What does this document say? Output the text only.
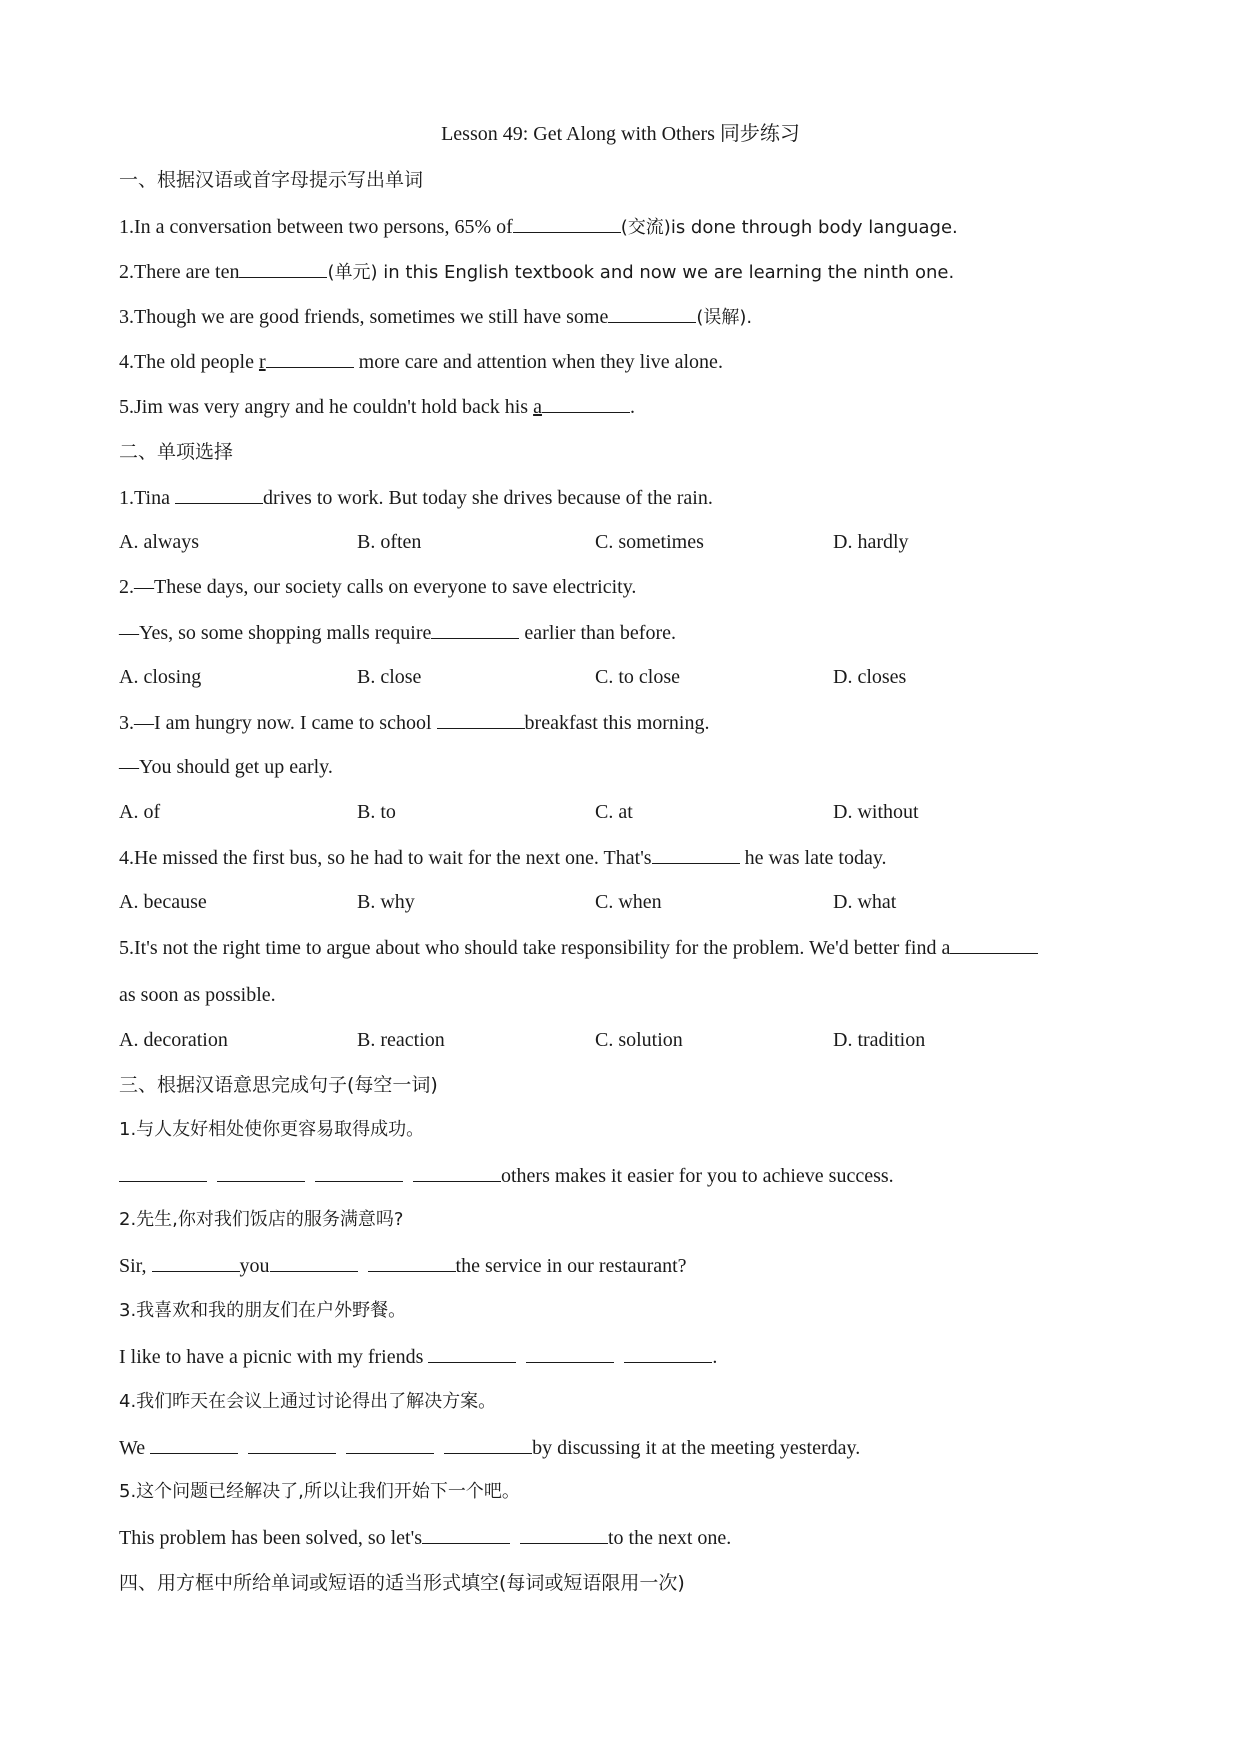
Lesson 49: Get Along with Others 同步练习
一、根据汉语或首字母提示写出单词
1.In a conversation between two persons, 65% of	(交流)is done through body language.
2.There are ten	(单元) in this English textbook and now we are learning the ninth one.
3.Though we are good friends, sometimes we still have some	(误解).
4.The old people r	more care and attention when they live alone.
5.Jim was very angry and he couldn't hold back his a	.
二、单项选择
1.Tina	drives to work. But today she drives because of the rain.
A. always	B. often	C. sometimes	D. hardly
2.—These days, our society calls on everyone to save electricity.
—Yes, so some shopping malls require	earlier than before.
A. closing	B. close	C. to close	D. closes
3.—I am hungry now. I came to school	breakfast this morning.
—You should get up early.
A. of	B. to	C. at	D. without
4.He missed the first bus, so he had to wait for the next one. That's	he was late today.
A. because	B. why	C. when	D. what
5.It's not the right time to argue about who should take responsibility for the problem. We'd better find a
as soon as possible.
A. decoration	B. reaction	C. solution	D. tradition
三、根据汉语意思完成句子(每空一词)
1.与人友好相处使你更容易取得成功。
others makes it easier for you to achieve success.
2.先生,你对我们饭店的服务满意吗?
Sir,	you	the service in our restaurant?
3.我喜欢和我的朋友们在户外野餐。
I like to have a picnic with my friends	.
4.我们昨天在会议上通过讨论得出了解决方案。
We	by discussing it at the meeting yesterday.
5.这个问题已经解决了,所以让我们开始下一个吧。
This problem has been solved, so let's	to the next one.
四、用方框中所给单词或短语的适当形式填空(每词或短语限用一次)
